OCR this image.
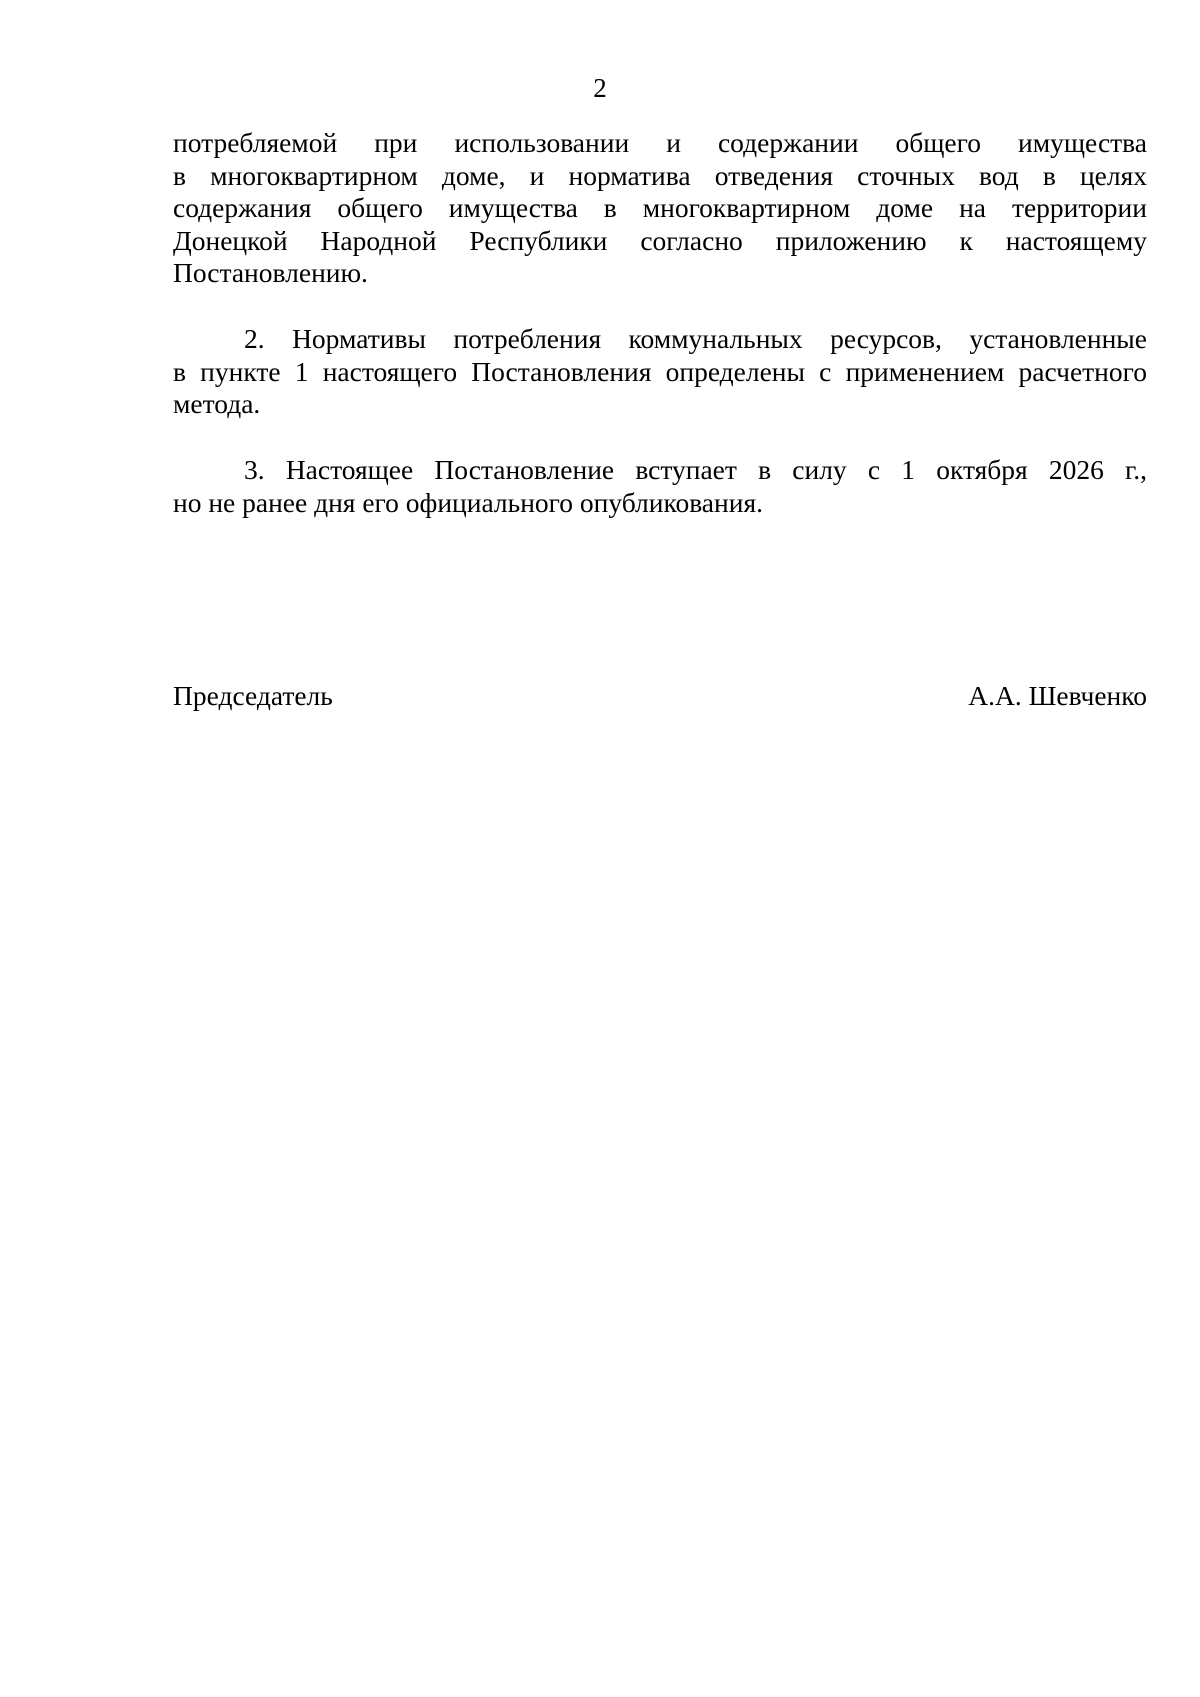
2
потребляемой при использовании и содержании общего имущества
в многоквартирном доме, и норматива отведения сточных вод в целях
содержания общего имущества в многоквартирном доме на территории
Донецкой Народной Республики согласно приложению к настоящему
Постановлению.
2. Нормативы потребления коммунальных ресурсов, установленные
в пункте 1 настоящего Постановления определены с применением расчетного
метода.
3. Настоящее Постановление вступает в силу с 1 октября 2026 г.,
но не ранее дня его официального опубликования.
Председатель	А.А. Шевченко
